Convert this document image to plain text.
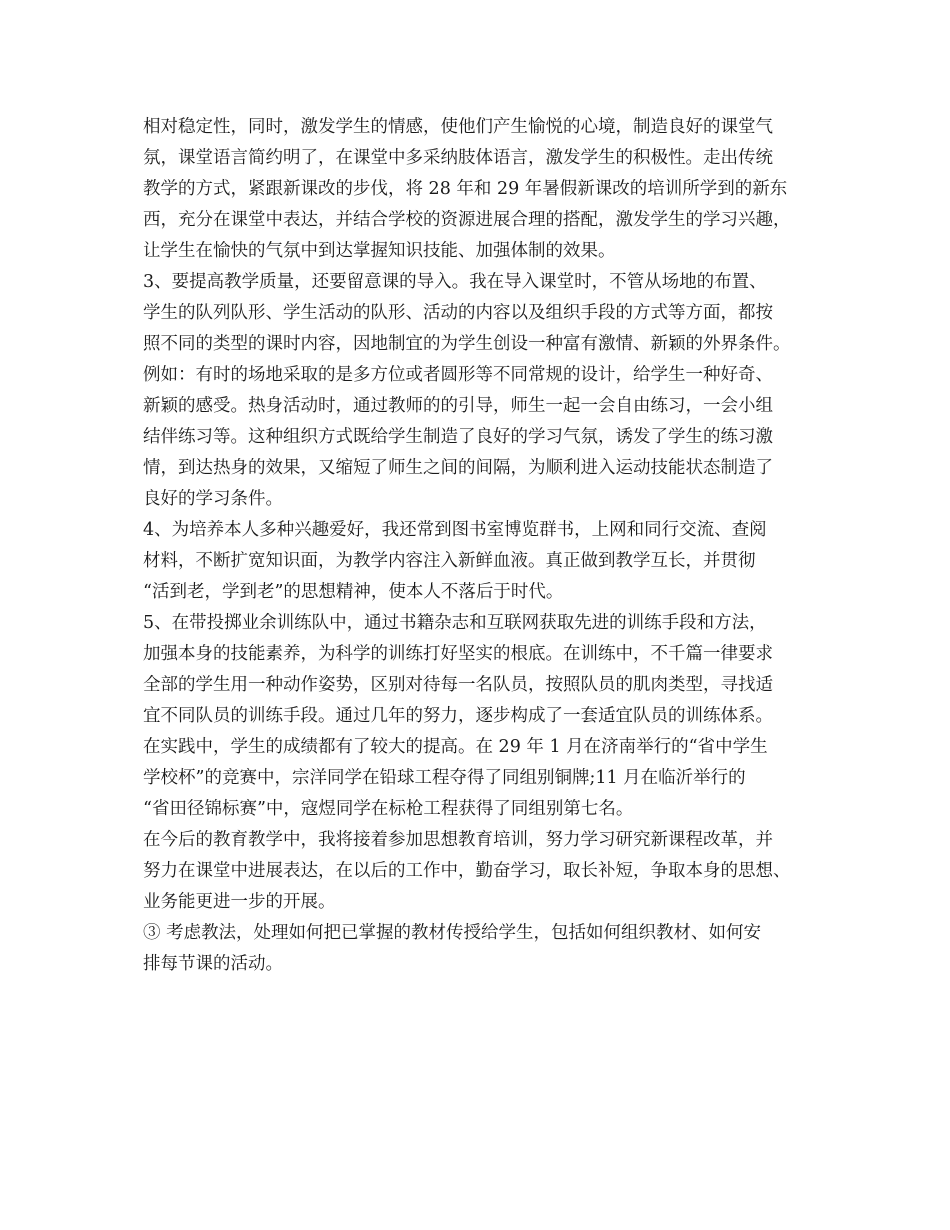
相对稳定性，同时，激发学生的情感，使他们产生愉悦的心境，制造良好的课堂气

氛，课堂语言简约明了，在课堂中多采纳肢体语言，激发学生的积极性。走出传统

教学的方式，紧跟新课改的步伐，将 28 年和 29 年暑假新课改的培训所学到的新东

西，充分在课堂中表达，并结合学校的资源进展合理的搭配，激发学生的学习兴趣，

让学生在愉快的气氛中到达掌握知识技能、加强体制的效果。

3、要提高教学质量，还要留意课的导入。我在导入课堂时，不管从场地的布置、

学生的队列队形、学生活动的队形、活动的内容以及组织手段的方式等方面，都按

照不同的类型的课时内容，因地制宜的为学生创设一种富有激情、新颖的外界条件。

例如：有时的场地采取的是多方位或者圆形等不同常规的设计，给学生一种好奇、

新颖的感受。热身活动时，通过教师的的引导，师生一起一会自由练习，一会小组

结伴练习等。这种组织方式既给学生制造了良好的学习气氛，诱发了学生的练习激

情，到达热身的效果，又缩短了师生之间的间隔，为顺利进入运动技能状态制造了

良好的学习条件。

4、为培养本人多种兴趣爱好，我还常到图书室博览群书，上网和同行交流、查阅

材料，不断扩宽知识面，为教学内容注入新鲜血液。真正做到教学互长，并贯彻

“活到老，学到老”的思想精神，使本人不落后于时代。

5、在带投掷业余训练队中，通过书籍杂志和互联网获取先进的训练手段和方法，

加强本身的技能素养，为科学的训练打好坚实的根底。在训练中，不千篇一律要求

全部的学生用一种动作姿势，区别对待每一名队员，按照队员的肌肉类型，寻找适

宜不同队员的训练手段。通过几年的努力，逐步构成了一套适宜队员的训练体系。

在实践中，学生的成绩都有了较大的提高。在 29 年 1 月在济南举行的“省中学生

学校杯”的竞赛中，宗洋同学在铅球工程夺得了同组别铜牌;11 月在临沂举行的

“省田径锦标赛”中，寇煜同学在标枪工程获得了同组别第七名。

在今后的教育教学中，我将接着参加思想教育培训，努力学习研究新课程改革，并

努力在课堂中进展表达，在以后的工作中，勤奋学习，取长补短，争取本身的思想、

业务能更进一步的开展。

③ 考虑教法，处理如何把已掌握的教材传授给学生，包括如何组织教材、如何安

排每节课的活动。
